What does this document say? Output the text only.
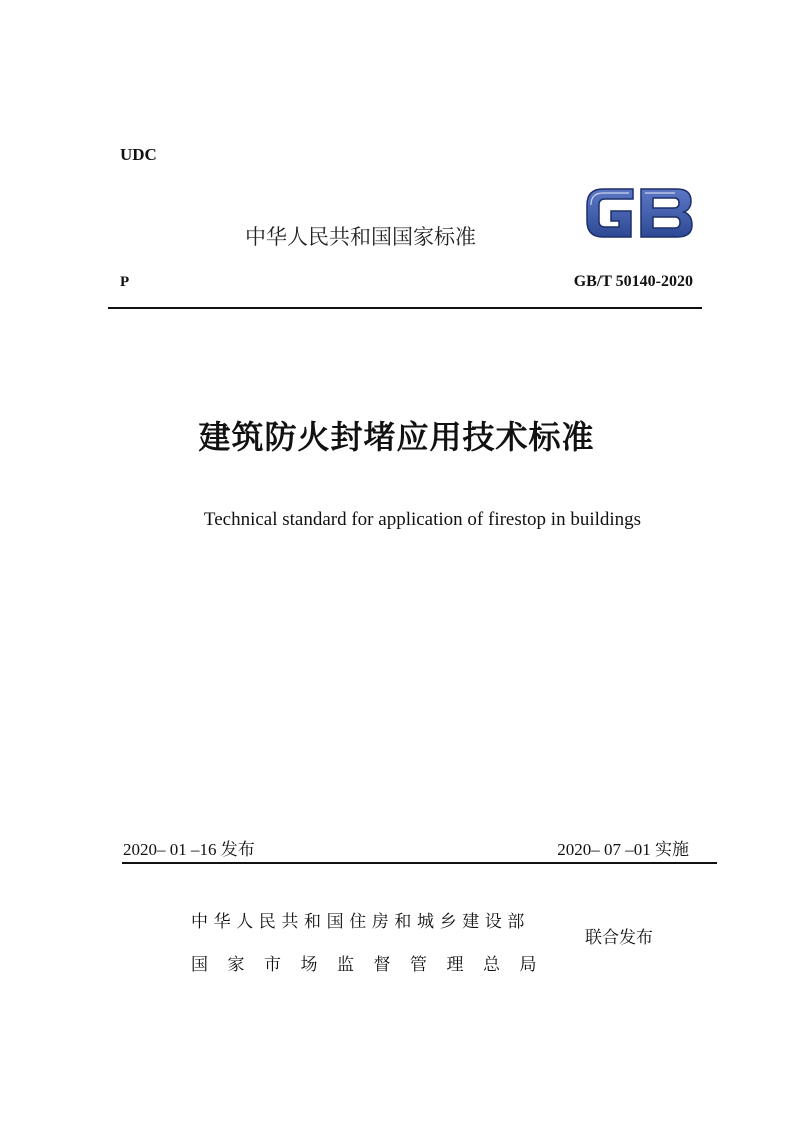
UDC
中华人民共和国国家标准
P	GB/T 50140-2020
建筑防火封堵应用技术标准
Technical standard for application of firestop in buildings
2020– 01 –16 发布	2020– 07 –01 实施
中华人民共和国住房和城乡建设部
国家市场监督管理总局
联合发布
